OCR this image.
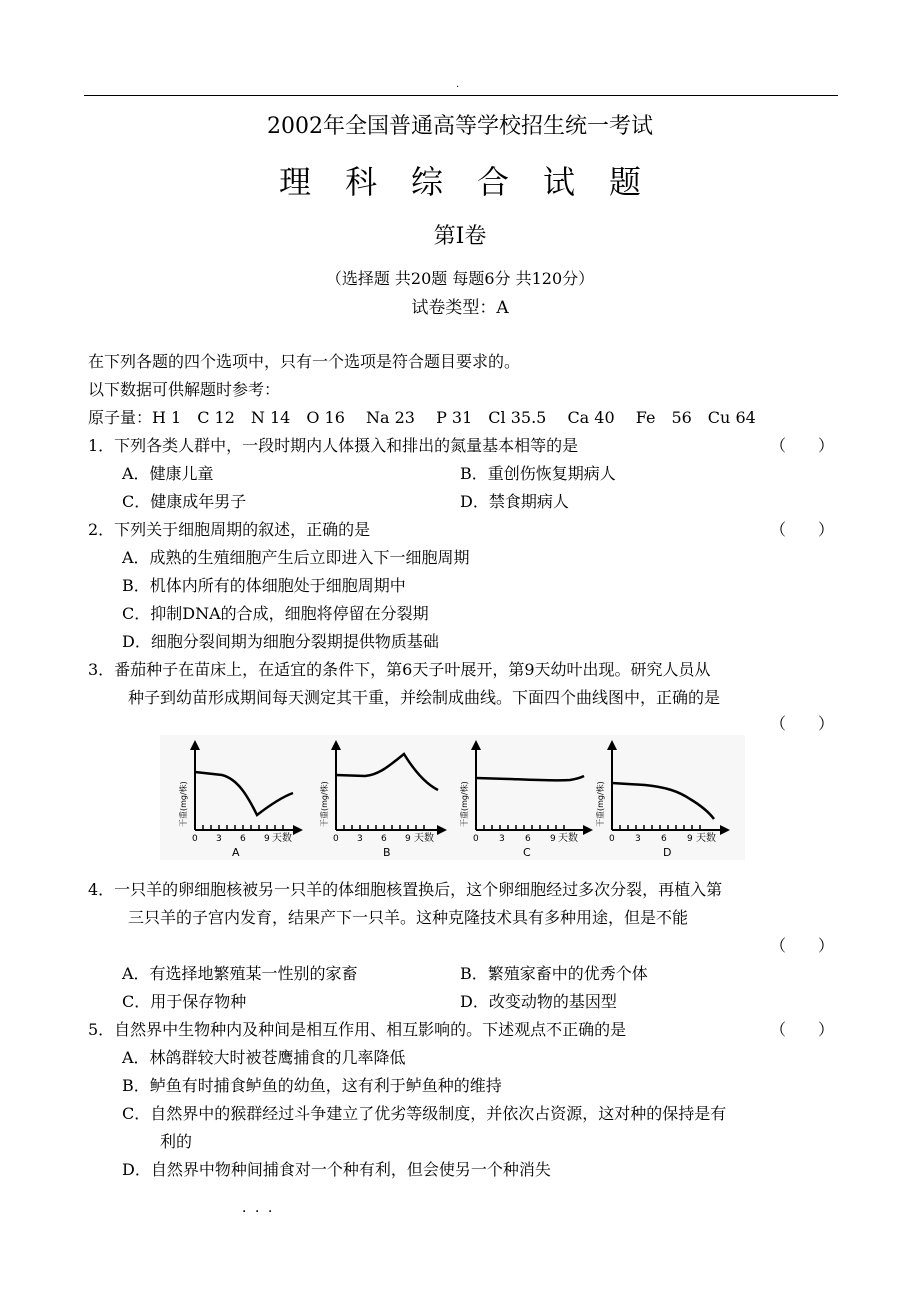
.
2002年全国普通高等学校招生统一考试
理科综合试题
第Ⅰ卷
（选择题 共20题 每题6分 共120分）
试卷类型：A
在下列各题的四个选项中，只有一个选项是符合题目要求的。
以下数据可供解题时参考：
原子量：H 1　C 12　N 14　O 16　 Na 23　 P 31　Cl 35.5　 Ca 40　 Fe　56　Cu 64
1．下列各类人群中，一段时期内人体摄入和排出的氮量基本相等的是	（　　）
A．健康儿童	B．重创伤恢复期病人
C．健康成年男子	D．禁食期病人
2．下列关于细胞周期的叙述，正确的是	（　　）
A．成熟的生殖细胞产生后立即进入下一细胞周期
B．机体内所有的体细胞处于细胞周期中
C．抑制DNA的合成，细胞将停留在分裂期
D．细胞分裂间期为细胞分裂期提供物质基础
3．番茄种子在苗床上，在适宜的条件下，第6天子叶展开，第9天幼叶出现。研究人员从
种子到幼苗形成期间每天测定其干重，并绘制成曲线。下面四个曲线图中，正确的是
（　　）
干重(mg/株)
0 3 6 9 天数
A
干重(mg/株)
0 3 6 9 天数
B
干重(mg/株)
0 3 6 9 天数
C
干重(mg/株)
0 3 6 9 天数
D
4．一只羊的卵细胞核被另一只羊的体细胞核置换后，这个卵细胞经过多次分裂，再植入第
三只羊的子宫内发育，结果产下一只羊。这种克隆技术具有多种用途，但是不能
（　　）
A．有选择地繁殖某一性别的家畜	B．繁殖家畜中的优秀个体
C．用于保存物种	D．改变动物的基因型
5．自然界中生物种内及种间是相互作用、相互影响的。下述观点不正确的是	（　　）
A．林鸽群较大时被苍鹰捕食的几率降低
B．鲈鱼有时捕食鲈鱼的幼鱼，这有利于鲈鱼种的维持
C．自然界中的猴群经过斗争建立了优劣等级制度，并依次占资源，这对种的保持是有
利的
D．自然界中物种间捕食对一个种有利，但会使另一个种消失
．．．
